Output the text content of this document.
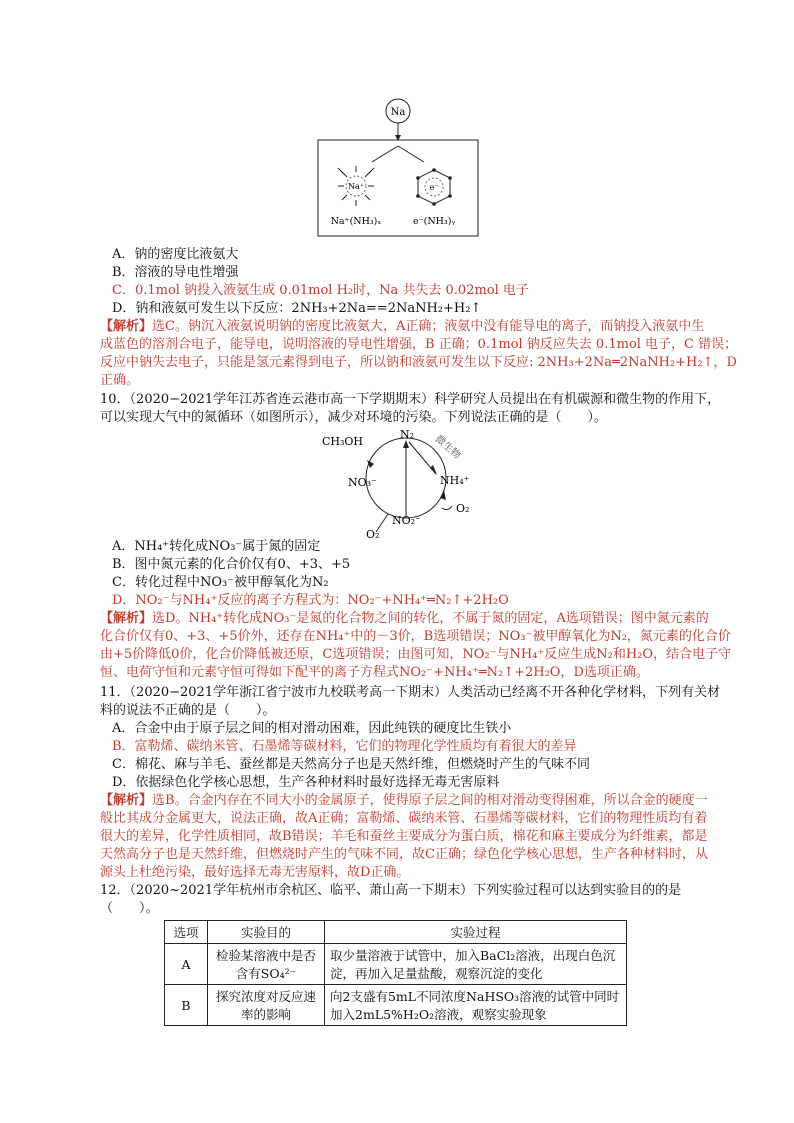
Na
Na⁺	e⁻
Na⁺(NH₃)ₓ	e⁻(NH₃)ᵧ
A．钠的密度比液氨大
B．溶液的导电性增强
C．0.1mol 钠投入液氨生成 0.01mol H₂时，Na 共失去 0.02mol 电子
D．钠和液氨可发生以下反应：2NH₃+2Na==2NaNH₂+H₂↑
【解析】选C。钠沉入液氨说明钠的密度比液氨大，A正确；液氨中没有能导电的离子，而钠投入液氨中生
成蓝色的溶剂合电子，能导电，说明溶液的导电性增强，B 正确；0.1mol 钠反应失去 0.1mol 电子，C 错误；
反应中钠失去电子，只能是氢元素得到电子，所以钠和液氨可发生以下反应: 2NH₃+2Na═2NaNH₂+H₂↑，D
正确。
10．（2020−2021学年江苏省连云港市高一下学期期末）科学研究人员提出在有机碳源和微生物的作用下，
可以实现大气中的氮循环（如图所示），减少对环境的污染。下列说法正确的是（　　）。
CH₃OH
N₂ 微生物
NO₃⁻	NH₄⁺
O₂
NO₂⁻
O₂
A．NH₄⁺转化成NO₃⁻属于氮的固定
B．图中氮元素的化合价仅有0、+3、+5
C．转化过程中NO₃⁻被甲醇氧化为N₂
D．NO₂⁻与NH₄⁺反应的离子方程式为：NO₂⁻+NH₄⁺═N₂↑+2H₂O
【解析】选D。NH₄⁺转化成NO₃⁻是氮的化合物之间的转化，不属于氮的固定，A选项错误；图中氮元素的
化合价仅有0、+3、+5价外，还存在NH₄⁺中的－3价，B选项错误；NO₃⁻被甲醇氧化为N₂，氮元素的化合价
由+5价降低0价，化合价降低被还原，C选项错误；由图可知，NO₂⁻与NH₄⁺反应生成N₂和H₂O，结合电子守
恒、电荷守恒和元素守恒可得如下配平的离子方程式NO₂⁻+NH₄⁺═N₂↑+2H₂O，D选项正确。
11．（2020−2021学年浙江省宁波市九校联考高一下期末）人类活动已经离不开各种化学材料，下列有关材
料的说法不正确的是（　　）。
A．合金中由于原子层之间的相对滑动困难，因此纯铁的硬度比生铁小
B．富勒烯、碳纳米管、石墨烯等碳材料，它们的物理化学性质均有着很大的差异
C．棉花、麻与羊毛、蚕丝都是天然高分子也是天然纤维，但燃烧时产生的气味不同
D．依据绿色化学核心思想，生产各种材料时最好选择无毒无害原料
【解析】选B。合金内存在不同大小的金属原子，使得原子层之间的相对滑动变得困难，所以合金的硬度一
般比其成分金属更大，说法正确，故A正确；富勒烯、碳纳米管、石墨烯等碳材料，它们的物理性质均有着
很大的差异，化学性质相同，故B错误；羊毛和蚕丝主要成分为蛋白质，棉花和麻主要成分为纤维素，都是
天然高分子也是天然纤维，但燃烧时产生的气味不同，故C正确；绿色化学核心思想，生产各种材料时，从
源头上杜绝污染，最好选择无毒无害原料，故D正确。
12．（2020~2021学年杭州市余杭区、临平、萧山高一下期末）下列实验过程可以达到实验目的的是
（　　）。
选项	实验目的	实验过程
A	检验某溶液中是否含有SO₄²⁻	取少量溶液于试管中，加入BaCl₂溶液，出现白色沉淀，再加入足量盐酸，观察沉淀的变化
B	探究浓度对反应速率的影响	向2支盛有5mL不同浓度NaHSO₃溶液的试管中同时加入2mL5%H₂O₂溶液，观察实验现象
